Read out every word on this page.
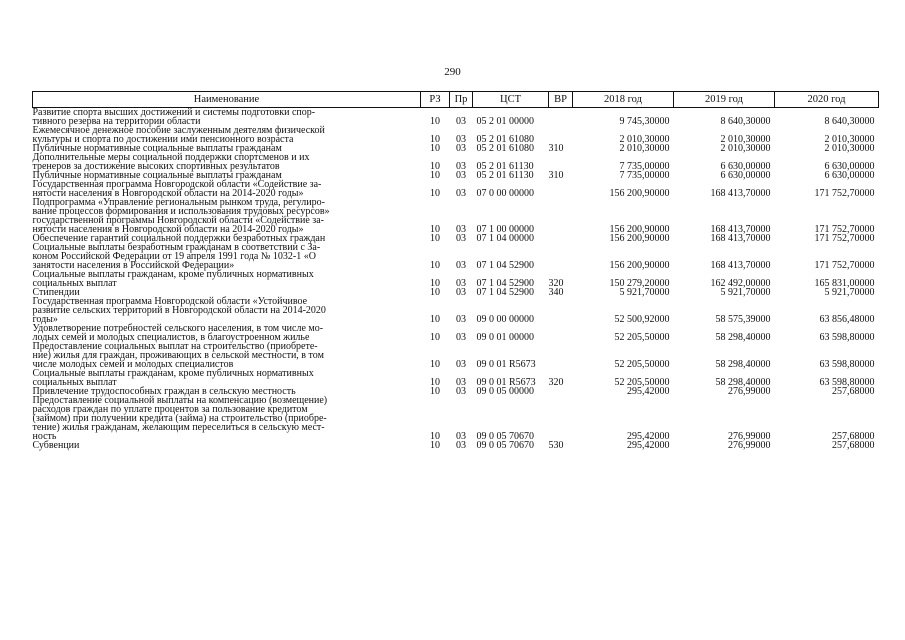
290
Наименование	РЗ	Пр	ЦСТ	ВР	2018 год	2019 год	2020 год

Развитие спорта высших достижений и системы подготовки спор-
тивного резерва на территории области	10	03	05 2 01 00000		9 745,30000	8 640,30000	8 640,30000

Ежемесячное денежное пособие заслуженным деятелям физической
культуры и спорта по достижении ими пенсионного возраста	10	03	05 2 01 61080		2 010,30000	2 010,30000	2 010,30000

Публичные нормативные социальные выплаты гражданам	10	03	05 2 01 61080	310	2 010,30000	2 010,30000	2 010,30000

Дополнительные меры социальной поддержки спортсменов и их
тренеров за достижение высоких спортивных результатов	10	03	05 2 01 61130		7 735,00000	6 630,00000	6 630,00000

Публичные нормативные социальные выплаты гражданам	10	03	05 2 01 61130	310	7 735,00000	6 630,00000	6 630,00000

Государственная программа Новгородской области «Содействие за-
нятости населения в Новгородской области на 2014-2020 годы»	10	03	07 0 00 00000		156 200,90000	168 413,70000	171 752,70000

Подпрограмма «Управление региональным рынком труда, регулиро-
вание процессов формирования и использования трудовых ресурсов»
государственной программы Новгородской области «Содействие за-
нятости населения в Новгородской области на 2014-2020 годы»	10	03	07 1 00 00000		156 200,90000	168 413,70000	171 752,70000

Обеспечение гарантий социальной поддержки безработных граждан	10	03	07 1 04 00000		156 200,90000	168 413,70000	171 752,70000

Социальные выплаты безработным гражданам в соответствии с За-
коном Российской Федерации от 19 апреля 1991 года № 1032-1 «О
занятости населения в Российской Федерации»	10	03	07 1 04 52900		156 200,90000	168 413,70000	171 752,70000

Социальные выплаты гражданам, кроме публичных нормативных
социальных выплат	10	03	07 1 04 52900	320	150 279,20000	162 492,00000	165 831,00000

Стипендии	10	03	07 1 04 52900	340	5 921,70000	5 921,70000	5 921,70000

Государственная программа Новгородской области «Устойчивое
развитие сельских территорий в Новгородской области на 2014-2020
годы»	10	03	09 0 00 00000		52 500,92000	58 575,39000	63 856,48000

Удовлетворение потребностей сельского населения, в том числе мо-
лодых семей и молодых специалистов, в благоустроенном жилье	10	03	09 0 01 00000		52 205,50000	58 298,40000	63 598,80000

Предоставление социальных выплат на строительство (приобрете-
ние) жилья для граждан, проживающих в сельской местности, в том
числе молодых семей и молодых специалистов	10	03	09 0 01 R5673		52 205,50000	58 298,40000	63 598,80000

Социальные выплаты гражданам, кроме публичных нормативных
социальных выплат	10	03	09 0 01 R5673	320	52 205,50000	58 298,40000	63 598,80000

Привлечение трудоспособных граждан в сельскую местность	10	03	09 0 05 00000		295,42000	276,99000	257,68000

Предоставление социальной выплаты на компенсацию (возмещение)
расходов граждан по уплате процентов за пользование кредитом
(займом) при получении кредита (займа) на строительство (приобре-
тение) жилья гражданам, желающим переселиться в сельскую мест-
ность	10	03	09 0 05 70670		295,42000	276,99000	257,68000

Субвенции	10	03	09 0 05 70670	530	295,42000	276,99000	257,68000
